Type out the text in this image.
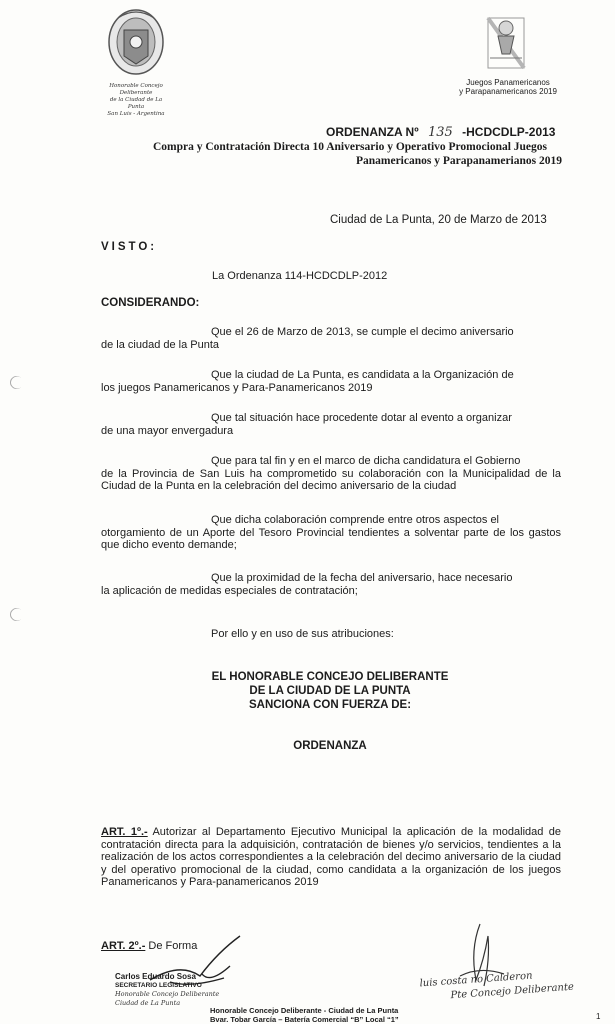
Honorable Concejo Deliberante
de la Ciudad de La Punta
San Luis - Argentina
Juegos Panamericanos
y Parapanamericanos 2019
ORDENANZA Nº 135 -HCDCDLP-2013
Compra y Contratación Directa 10 Aniversario y Operativo Promocional Juegos
Panamericanos y Parapanamerianos 2019
Ciudad de La Punta, 20 de Marzo de 2013
VISTO:
La Ordenanza 114-HCDCDLP-2012
CONSIDERANDO:
Que el 26 de Marzo de 2013, se cumple el decimo aniversario
de la ciudad de la Punta
Que la ciudad de La Punta, es candidata a la Organización de
los juegos Panamericanos y Para-Panamericanos 2019
Que tal situación hace procedente dotar al evento a organizar
de una mayor envergadura
Que para tal fin y en el marco de dicha candidatura el Gobierno
de la Provincia de San Luis ha comprometido su colaboración con la Municipalidad de la Ciudad de la Punta en la celebración del decimo aniversario de la ciudad
Que dicha colaboración comprende entre otros aspectos el
otorgamiento de un Aporte del Tesoro Provincial tendientes a solventar parte de los gastos que dicho evento demande;
Que la proximidad de la fecha del aniversario, hace necesario
la aplicación de medidas especiales de contratación;
Por ello y en uso de sus atribuciones:
EL HONORABLE CONCEJO DELIBERANTE
DE LA CIUDAD DE LA PUNTA
SANCIONA CON FUERZA DE:
ORDENANZA
ART. 1º.- Autorizar al Departamento Ejecutivo Municipal la aplicación de la modalidad de contratación directa para la adquisición, contratación de bienes y/o servicios, tendientes a la realización de los actos correspondientes a la celebración del decimo aniversario de la ciudad y del operativo promocional de la ciudad, como candidata a la organización de los juegos Panamericanos y Para-panamericanos 2019
ART. 2º.- De Forma
Carlos Eduardo Sosa
SECRETARIO LEGISLATIVO
Honorable Concejo Deliberante
Ciudad de La Punta
luis costa no Calderon
Pte Concejo Deliberante
Honorable Concejo Deliberante - Ciudad de La Punta
Bvar. Tobar García – Batería Comercial “B” Local “1”	1
